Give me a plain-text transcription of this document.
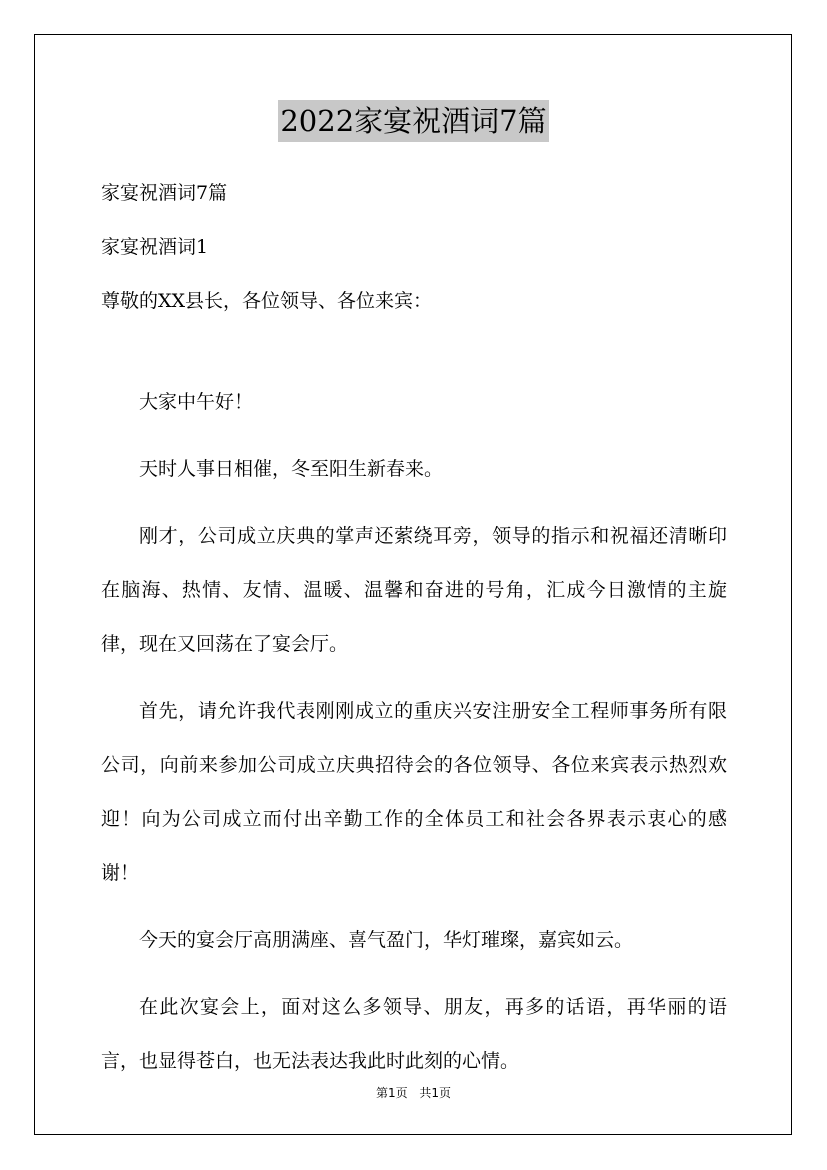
2022家宴祝酒词7篇
家宴祝酒词7篇
家宴祝酒词1
尊敬的XX县长，各位领导、各位来宾：

大家中午好！

天时人事日相催，冬至阳生新春来。

刚才，公司成立庆典的掌声还萦绕耳旁，领导的指示和祝福还清晰印在脑海、热情、友情、温暖、温馨和奋进的号角，汇成今日激情的主旋律，现在又回荡在了宴会厅。

首先，请允许我代表刚刚成立的重庆兴安注册安全工程师事务所有限公司，向前来参加公司成立庆典招待会的各位领导、各位来宾表示热烈欢迎！向为公司成立而付出辛勤工作的全体员工和社会各界表示衷心的感谢！

今天的宴会厅高朋满座、喜气盈门，华灯璀璨，嘉宾如云。

在此次宴会上，面对这么多领导、朋友，再多的话语，再华丽的语言，也显得苍白，也无法表达我此时此刻的心情。

第1页 共1页
